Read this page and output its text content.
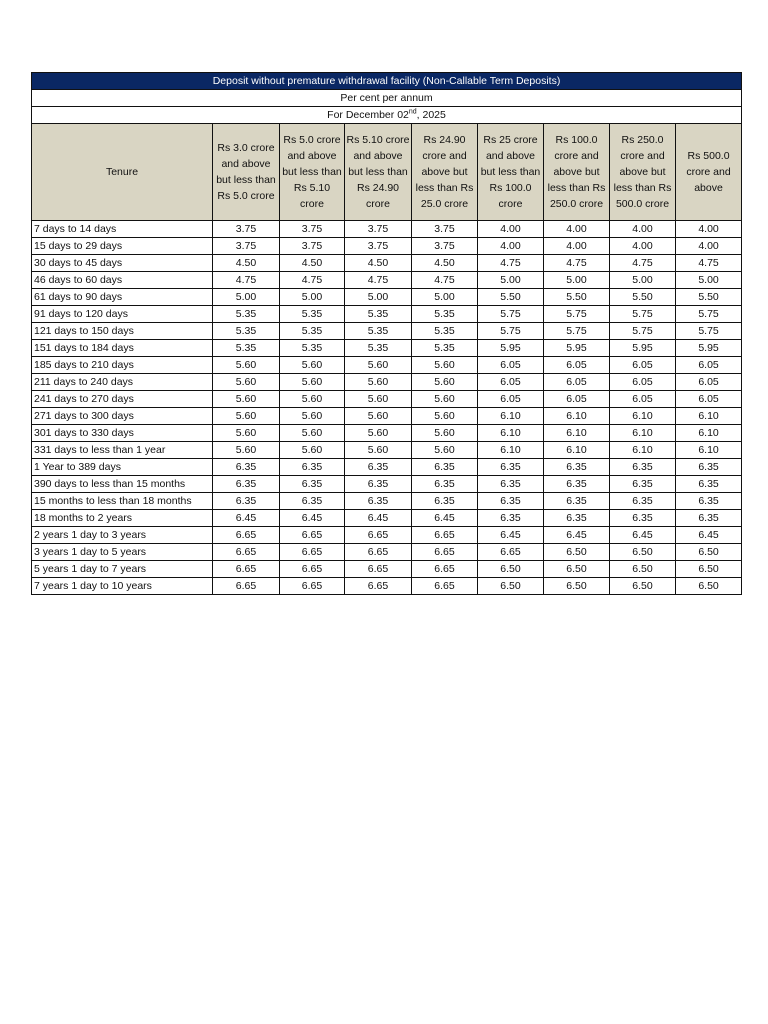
Deposit without premature withdrawal facility (Non-Callable Term Deposits)								
Per cent per annum								
For December 02nd, 2025								
Tenure	Rs 3.0 crore and above but less than Rs 5.0 crore	Rs 5.0 crore and above but less than Rs 5.10 crore	Rs 5.10 crore and above but less than Rs 24.90 crore	Rs 24.90 crore and above but less than Rs 25.0 crore	Rs 25 crore and above but less than Rs 100.0 crore	Rs 100.0 crore and above but less than Rs 250.0 crore	Rs 250.0 crore and above but less than Rs 500.0 crore	Rs 500.0 crore and above
7 days to 14 days	3.75	3.75	3.75	3.75	4.00	4.00	4.00	4.00
15 days to 29 days	3.75	3.75	3.75	3.75	4.00	4.00	4.00	4.00
30 days to 45 days	4.50	4.50	4.50	4.50	4.75	4.75	4.75	4.75
46 days to 60 days	4.75	4.75	4.75	4.75	5.00	5.00	5.00	5.00
61 days to 90 days	5.00	5.00	5.00	5.00	5.50	5.50	5.50	5.50
91 days to 120 days	5.35	5.35	5.35	5.35	5.75	5.75	5.75	5.75
121 days to 150 days	5.35	5.35	5.35	5.35	5.75	5.75	5.75	5.75
151 days to 184 days	5.35	5.35	5.35	5.35	5.95	5.95	5.95	5.95
185 days to 210 days	5.60	5.60	5.60	5.60	6.05	6.05	6.05	6.05
211 days to 240 days	5.60	5.60	5.60	5.60	6.05	6.05	6.05	6.05
241 days to 270 days	5.60	5.60	5.60	5.60	6.05	6.05	6.05	6.05
271 days to 300 days	5.60	5.60	5.60	5.60	6.10	6.10	6.10	6.10
301 days to 330 days	5.60	5.60	5.60	5.60	6.10	6.10	6.10	6.10
331 days to less than 1 year	5.60	5.60	5.60	5.60	6.10	6.10	6.10	6.10
1 Year to 389 days	6.35	6.35	6.35	6.35	6.35	6.35	6.35	6.35
390 days to less than 15 months	6.35	6.35	6.35	6.35	6.35	6.35	6.35	6.35
15 months to less than 18 months	6.35	6.35	6.35	6.35	6.35	6.35	6.35	6.35
18 months to 2 years	6.45	6.45	6.45	6.45	6.35	6.35	6.35	6.35
2 years 1 day to 3 years	6.65	6.65	6.65	6.65	6.45	6.45	6.45	6.45
3 years 1 day to 5 years	6.65	6.65	6.65	6.65	6.65	6.50	6.50	6.50
5 years 1 day to 7 years	6.65	6.65	6.65	6.65	6.50	6.50	6.50	6.50
7 years 1 day to 10 years	6.65	6.65	6.65	6.65	6.50	6.50	6.50	6.50
